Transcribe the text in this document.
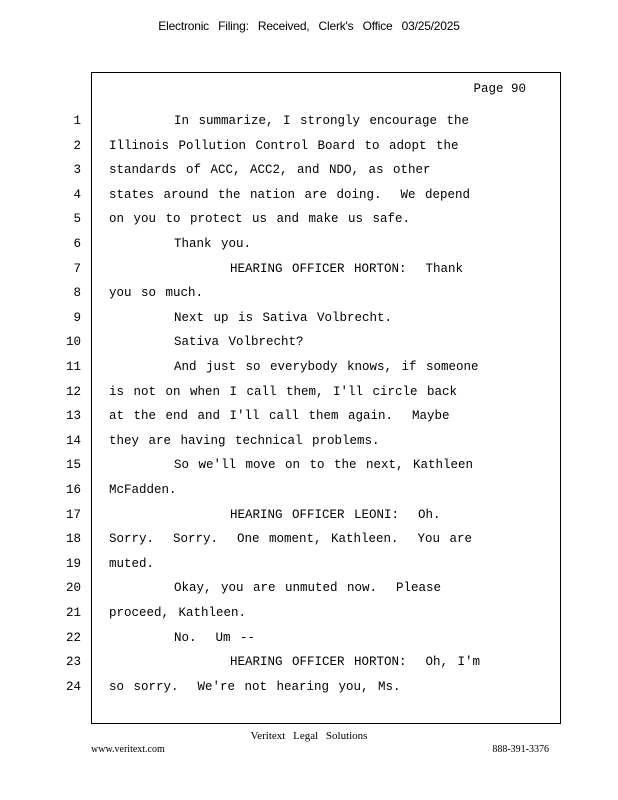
Electronic Filing: Received, Clerk's Office 03/25/2025
Page 90
1	In summarize, I strongly encourage the
2 Illinois Pollution Control Board to adopt the
3 standards of ACC, ACC2, and NDO, as other
4 states around the nation are doing.  We depend
5 on you to protect us and make us safe.
6	Thank you.
7	HEARING OFFICER HORTON:  Thank
8 you so much.
9	Next up is Sativa Volbrecht.
10	Sativa Volbrecht?
11	And just so everybody knows, if someone
12 is not on when I call them, I'll circle back
13 at the end and I'll call them again.  Maybe
14 they are having technical problems.
15	So we'll move on to the next, Kathleen
16 McFadden.
17	HEARING OFFICER LEONI:  Oh.
18 Sorry.  Sorry.  One moment, Kathleen.  You are
19 muted.
20	Okay, you are unmuted now.  Please
21 proceed, Kathleen.
22	No.  Um --
23	HEARING OFFICER HORTON:  Oh, I'm
24 so sorry.  We're not hearing you, Ms.
Veritext Legal Solutions
www.veritext.com	888-391-3376
